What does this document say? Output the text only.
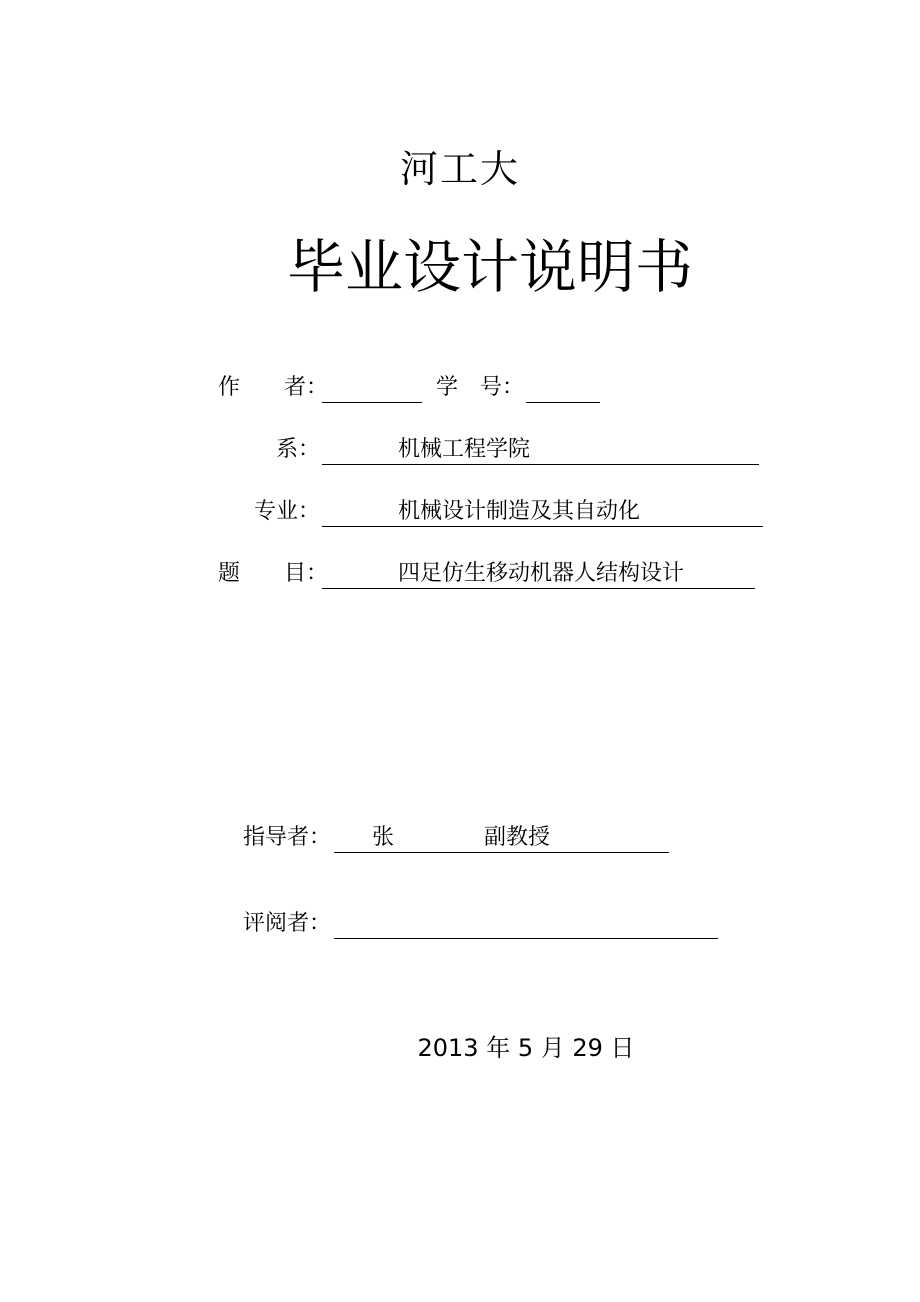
河工大
毕业设计说明书
作　　者：	学　号：
系：	机械工程学院
专业：	机械设计制造及其自动化
题　　目：	四足仿生移动机器人结构设计
指导者： 张	副教授
评阅者：
2013 年 5 月 29 日
